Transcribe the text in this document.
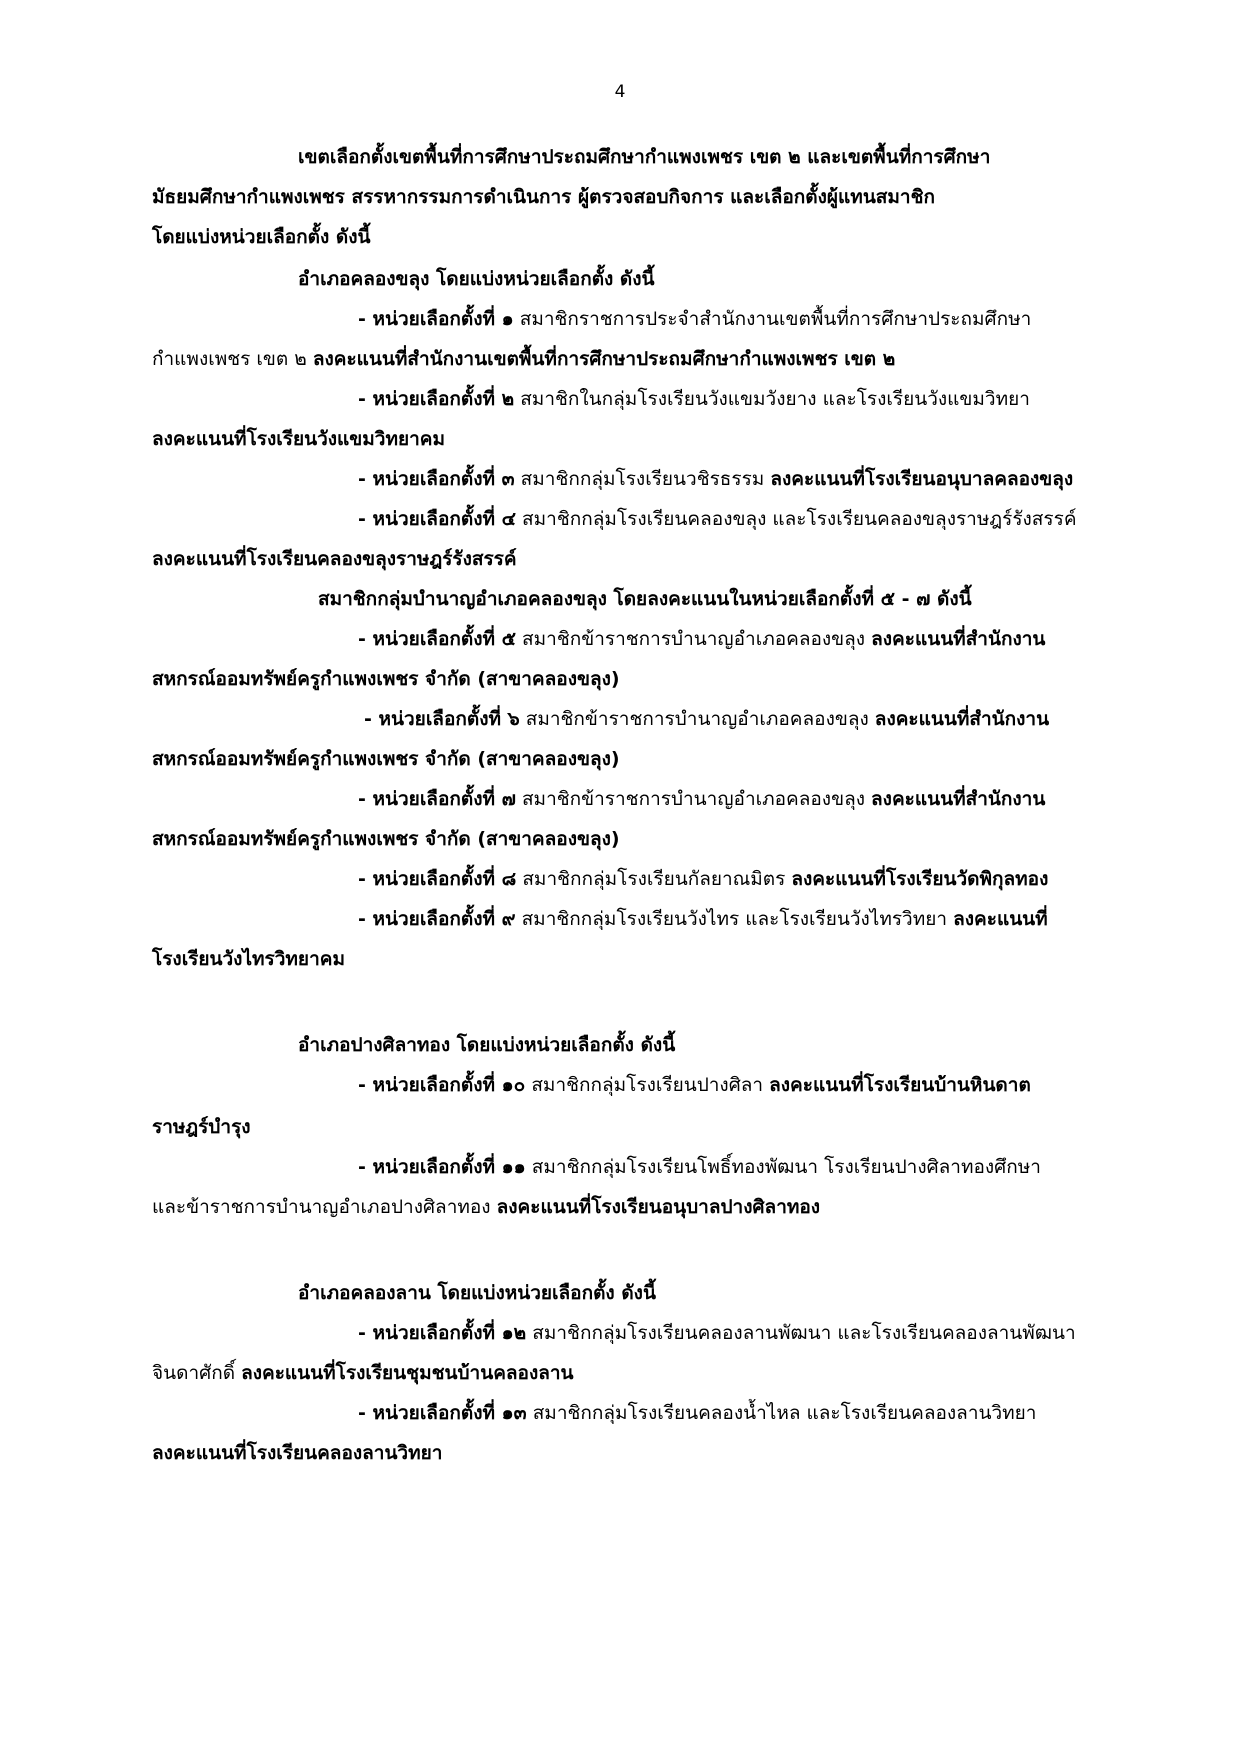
4
เขตเลือกตั้งเขตพื้นที่การศึกษาประถมศึกษากำแพงเพชร เขต ๒ และเขตพื้นที่การศึกษา
มัธยมศึกษากำแพงเพชร สรรหากรรมการดำเนินการ ผู้ตรวจสอบกิจการ และเลือกตั้งผู้แทนสมาชิก
โดยแบ่งหน่วยเลือกตั้ง ดังนี้
อำเภอคลองขลุง โดยแบ่งหน่วยเลือกตั้ง ดังนี้
- หน่วยเลือกตั้งที่ ๑ สมาชิกราชการประจำสำนักงานเขตพื้นที่การศึกษาประถมศึกษา
กำแพงเพชร เขต ๒ ลงคะแนนที่สำนักงานเขตพื้นที่การศึกษาประถมศึกษากำแพงเพชร เขต ๒
- หน่วยเลือกตั้งที่ ๒ สมาชิกในกลุ่มโรงเรียนวังแขมวังยาง และโรงเรียนวังแขมวิทยา
ลงคะแนนที่โรงเรียนวังแขมวิทยาคม
- หน่วยเลือกตั้งที่ ๓ สมาชิกกลุ่มโรงเรียนวชิรธรรม ลงคะแนนที่โรงเรียนอนุบาลคลองขลุง
- หน่วยเลือกตั้งที่ ๔ สมาชิกกลุ่มโรงเรียนคลองขลุง และโรงเรียนคลองขลุงราษฎร์รังสรรค์
ลงคะแนนที่โรงเรียนคลองขลุงราษฎร์รังสรรค์
สมาชิกกลุ่มบำนาญอำเภอคลองขลุง โดยลงคะแนนในหน่วยเลือกตั้งที่ ๕ - ๗ ดังนี้
- หน่วยเลือกตั้งที่ ๕ สมาชิกข้าราชการบำนาญอำเภอคลองขลุง ลงคะแนนที่สำนักงาน
สหกรณ์ออมทรัพย์ครูกำแพงเพชร จำกัด (สาขาคลองขลุง)
- หน่วยเลือกตั้งที่ ๖ สมาชิกข้าราชการบำนาญอำเภอคลองขลุง ลงคะแนนที่สำนักงาน
สหกรณ์ออมทรัพย์ครูกำแพงเพชร จำกัด (สาขาคลองขลุง)
- หน่วยเลือกตั้งที่ ๗ สมาชิกข้าราชการบำนาญอำเภอคลองขลุง ลงคะแนนที่สำนักงาน
สหกรณ์ออมทรัพย์ครูกำแพงเพชร จำกัด (สาขาคลองขลุง)
- หน่วยเลือกตั้งที่ ๘ สมาชิกกลุ่มโรงเรียนกัลยาณมิตร ลงคะแนนที่โรงเรียนวัดพิกุลทอง
- หน่วยเลือกตั้งที่ ๙ สมาชิกกลุ่มโรงเรียนวังไทร และโรงเรียนวังไทรวิทยา ลงคะแนนที่
โรงเรียนวังไทรวิทยาคม
อำเภอปางศิลาทอง โดยแบ่งหน่วยเลือกตั้ง ดังนี้
- หน่วยเลือกตั้งที่ ๑๐ สมาชิกกลุ่มโรงเรียนปางศิลา ลงคะแนนที่โรงเรียนบ้านหินดาต
ราษฎร์บำรุง
- หน่วยเลือกตั้งที่ ๑๑ สมาชิกกลุ่มโรงเรียนโพธิ์ทองพัฒนา โรงเรียนปางศิลาทองศึกษา
และข้าราชการบำนาญอำเภอปางศิลาทอง ลงคะแนนที่โรงเรียนอนุบาลปางศิลาทอง
อำเภอคลองลาน โดยแบ่งหน่วยเลือกตั้ง ดังนี้
- หน่วยเลือกตั้งที่ ๑๒ สมาชิกกลุ่มโรงเรียนคลองลานพัฒนา และโรงเรียนคลองลานพัฒนา
จินดาศักดิ์ ลงคะแนนที่โรงเรียนชุมชนบ้านคลองลาน
- หน่วยเลือกตั้งที่ ๑๓ สมาชิกกลุ่มโรงเรียนคลองน้ำไหล และโรงเรียนคลองลานวิทยา
ลงคะแนนที่โรงเรียนคลองลานวิทยา
